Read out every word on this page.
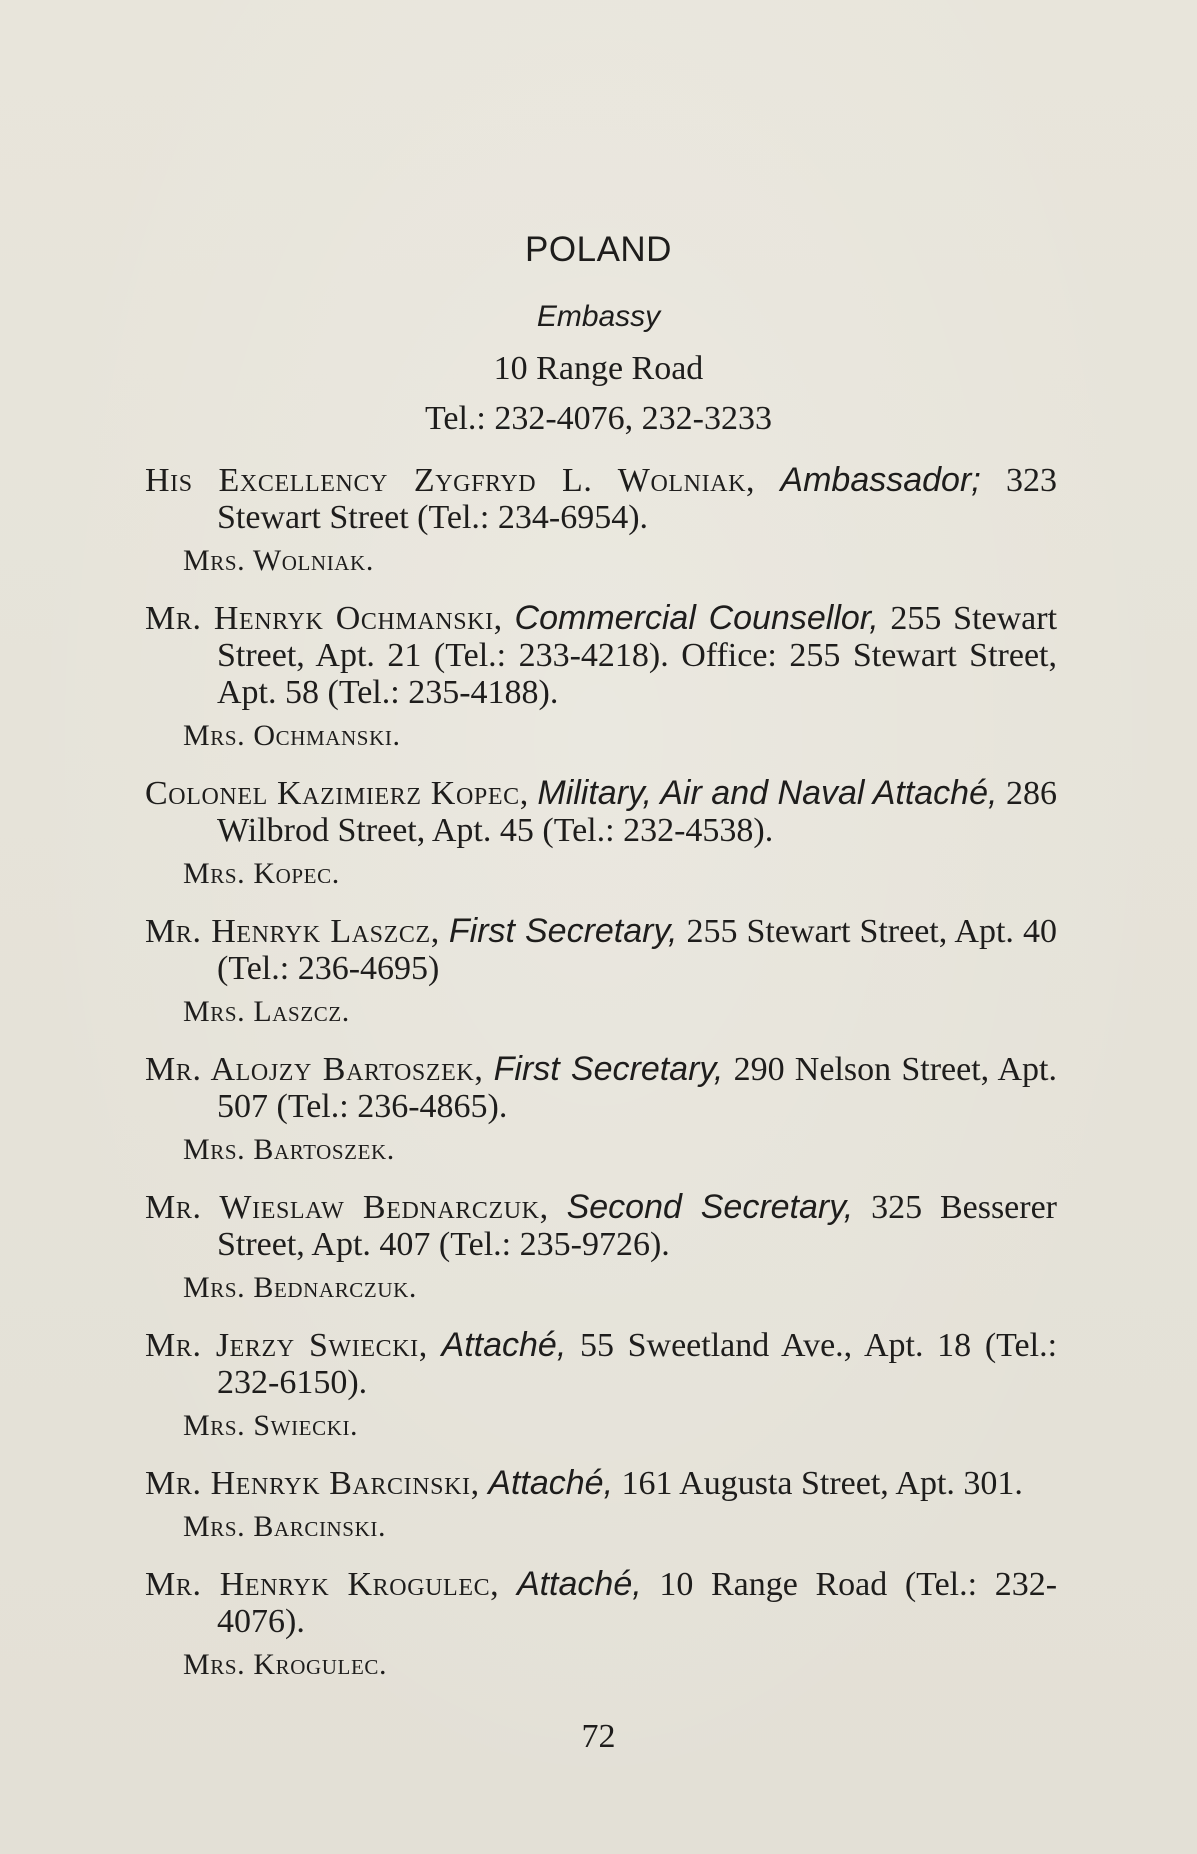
POLAND
Embassy
10 Range Road
Tel.: 232-4076, 232-3233
His Excellency Zygfryd L. Wolniak, Ambassador; 323 Stewart Street (Tel.: 234-6954).
Mrs. Wolniak.
Mr. Henryk Ochmanski, Commercial Counsellor, 255 Stewart Street, Apt. 21 (Tel.: 233-4218). Office: 255 Stewart Street, Apt. 58 (Tel.: 235-4188).
Mrs. Ochmanski.
Colonel Kazimierz Kopec, Military, Air and Naval Attaché, 286 Wilbrod Street, Apt. 45 (Tel.: 232-4538).
Mrs. Kopec.
Mr. Henryk Laszcz, First Secretary, 255 Stewart Street, Apt. 40 (Tel.: 236-4695)
Mrs. Laszcz.
Mr. Alojzy Bartoszek, First Secretary, 290 Nelson Street, Apt. 507 (Tel.: 236-4865).
Mrs. Bartoszek.
Mr. Wieslaw Bednarczuk, Second Secretary, 325 Besserer Street, Apt. 407 (Tel.: 235-9726).
Mrs. Bednarczuk.
Mr. Jerzy Swiecki, Attaché, 55 Sweetland Ave., Apt. 18 (Tel.: 232-6150).
Mrs. Swiecki.
Mr. Henryk Barcinski, Attaché, 161 Augusta Street, Apt. 301.
Mrs. Barcinski.
Mr. Henryk Krogulec, Attaché, 10 Range Road (Tel.: 232-4076).
Mrs. Krogulec.
72
